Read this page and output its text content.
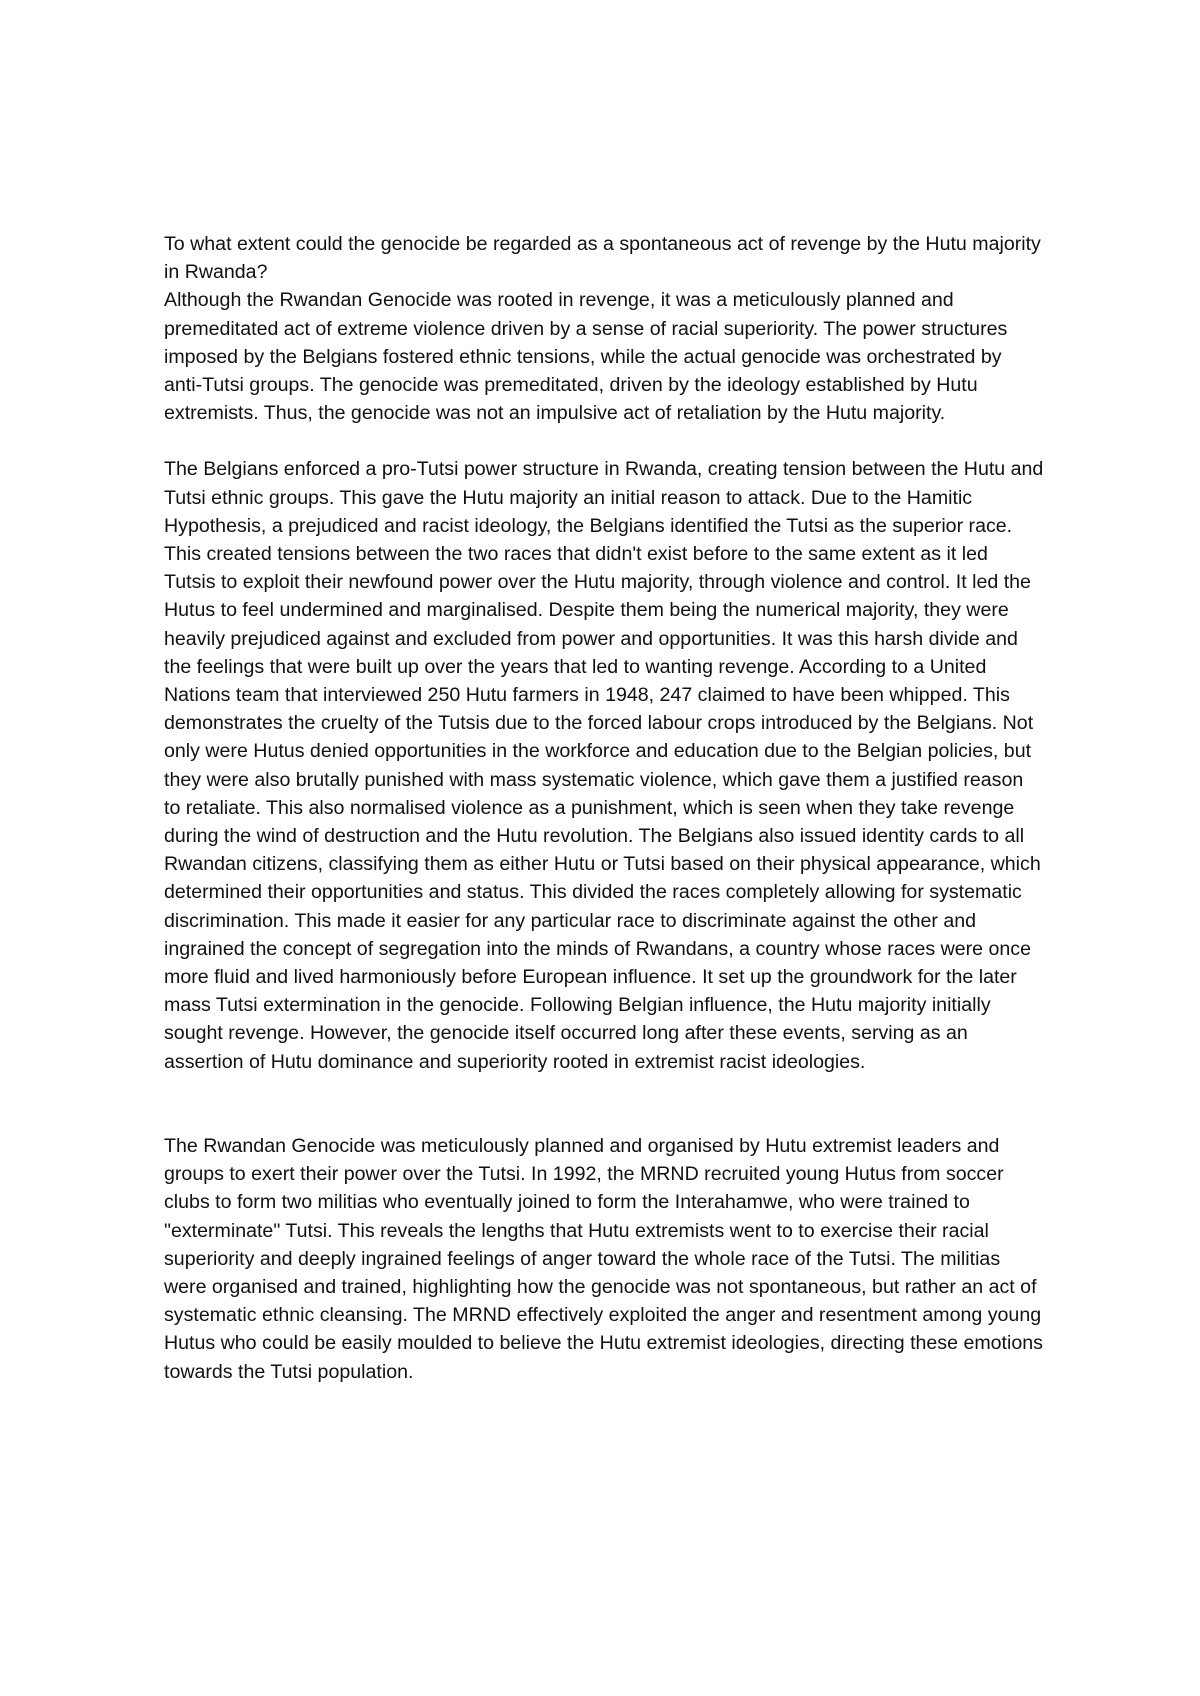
To what extent could the genocide be regarded as a spontaneous act of revenge by the Hutu majority in Rwanda?

Although the Rwandan Genocide was rooted in revenge, it was a meticulously planned and premeditated act of extreme violence driven by a sense of racial superiority. The power structures imposed by the Belgians fostered ethnic tensions, while the actual genocide was orchestrated by anti-Tutsi groups. The genocide was premeditated, driven by the ideology established by Hutu extremists. Thus, the genocide was not an impulsive act of retaliation by the Hutu majority.

The Belgians enforced a pro-Tutsi power structure in Rwanda, creating tension between the Hutu and Tutsi ethnic groups. This gave the Hutu majority an initial reason to attack. Due to the Hamitic Hypothesis, a prejudiced and racist ideology, the Belgians identified the Tutsi as the superior race. This created tensions between the two races that didn't exist before to the same extent as it led Tutsis to exploit their newfound power over the Hutu majority, through violence and control. It led the Hutus to feel undermined and marginalised. Despite them being the numerical majority, they were heavily prejudiced against and excluded from power and opportunities. It was this harsh divide and the feelings that were built up over the years that led to wanting revenge. According to a United Nations team that interviewed 250 Hutu farmers in 1948, 247 claimed to have been whipped. This demonstrates the cruelty of the Tutsis due to the forced labour crops introduced by the Belgians. Not only were Hutus denied opportunities in the workforce and education due to the Belgian policies, but they were also brutally punished with mass systematic violence, which gave them a justified reason to retaliate. This also normalised violence as a punishment, which is seen when they take revenge during the wind of destruction and the Hutu revolution. The Belgians also issued identity cards to all Rwandan citizens, classifying them as either Hutu or Tutsi based on their physical appearance, which determined their opportunities and status. This divided the races completely allowing for systematic discrimination. This made it easier for any particular race to discriminate against the other and ingrained the concept of segregation into the minds of Rwandans, a country whose races were once more fluid and lived harmoniously before European influence. It set up the groundwork for the later mass Tutsi extermination in the genocide. Following Belgian influence, the Hutu majority initially sought revenge. However, the genocide itself occurred long after these events, serving as an assertion of Hutu dominance and superiority rooted in extremist racist ideologies.

The Rwandan Genocide was meticulously planned and organised by Hutu extremist leaders and groups to exert their power over the Tutsi. In 1992, the MRND recruited young Hutus from soccer clubs to form two militias who eventually joined to form the Interahamwe, who were trained to "exterminate" Tutsi. This reveals the lengths that Hutu extremists went to to exercise their racial superiority and deeply ingrained feelings of anger toward the whole race of the Tutsi. The militias were organised and trained, highlighting how the genocide was not spontaneous, but rather an act of systematic ethnic cleansing. The MRND effectively exploited the anger and resentment among young Hutus who could be easily moulded to believe the Hutu extremist ideologies, directing these emotions towards the Tutsi population.
